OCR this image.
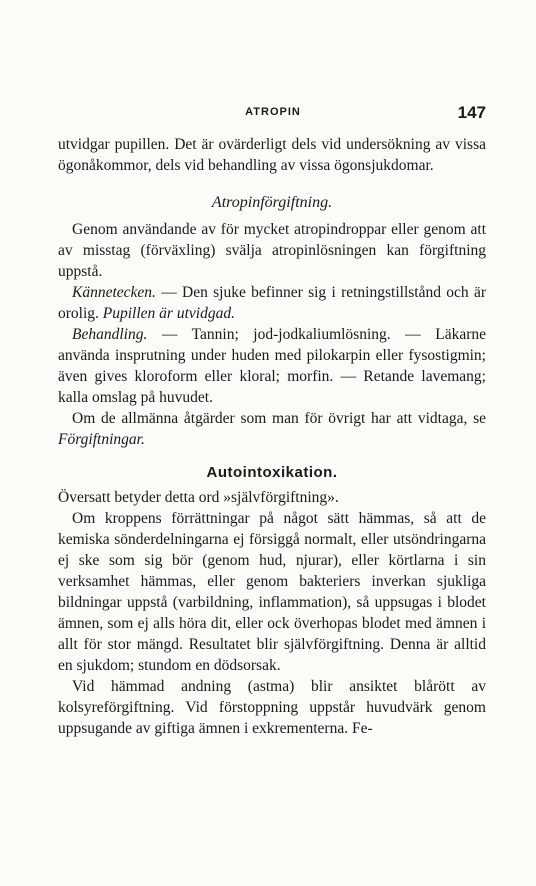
ATROPIN	147

utvidgar pupillen. Det är ovärderligt dels vid undersökning av vissa ögonåkommor, dels vid behandling av vissa ögonsjukdomar.

Atropinförgiftning.

Genom användande av för mycket atropindroppar eller genom att av misstag (förväxling) svälja atropinlösningen kan förgiftning uppstå.

Kännetecken. — Den sjuke befinner sig i retningstillstånd och är orolig. Pupillen är utvidgad.

Behandling. — Tannin; jod-jodkaliumlösning. — Läkarne använda insprutning under huden med pilokarpin eller fysostigmin; även gives kloroform eller kloral; morfin. — Retande lavemang; kalla omslag på huvudet.

Om de allmänna åtgärder som man för övrigt har att vidtaga, se Förgiftningar.

Autointoxikation.

Översatt betyder detta ord »självförgiftning».

Om kroppens förrättningar på något sätt hämmas, så att de kemiska sönderdelningarna ej försiggå normalt, eller utsöndringarna ej ske som sig bör (genom hud, njurar), eller körtlarna i sin verksamhet hämmas, eller genom bakteriers inverkan sjukliga bildningar uppstå (varbildning, inflammation), så uppsugas i blodet ämnen, som ej alls höra dit, eller ock överhopas blodet med ämnen i allt för stor mängd. Resultatet blir självförgiftning. Denna är alltid en sjukdom; stundom en dödsorsak.

Vid hämmad andning (astma) blir ansiktet blårött av kolsyreförgiftning. Vid förstoppning uppstår huvudvärk genom uppsugande av giftiga ämnen i exkrementerna. Fe-
